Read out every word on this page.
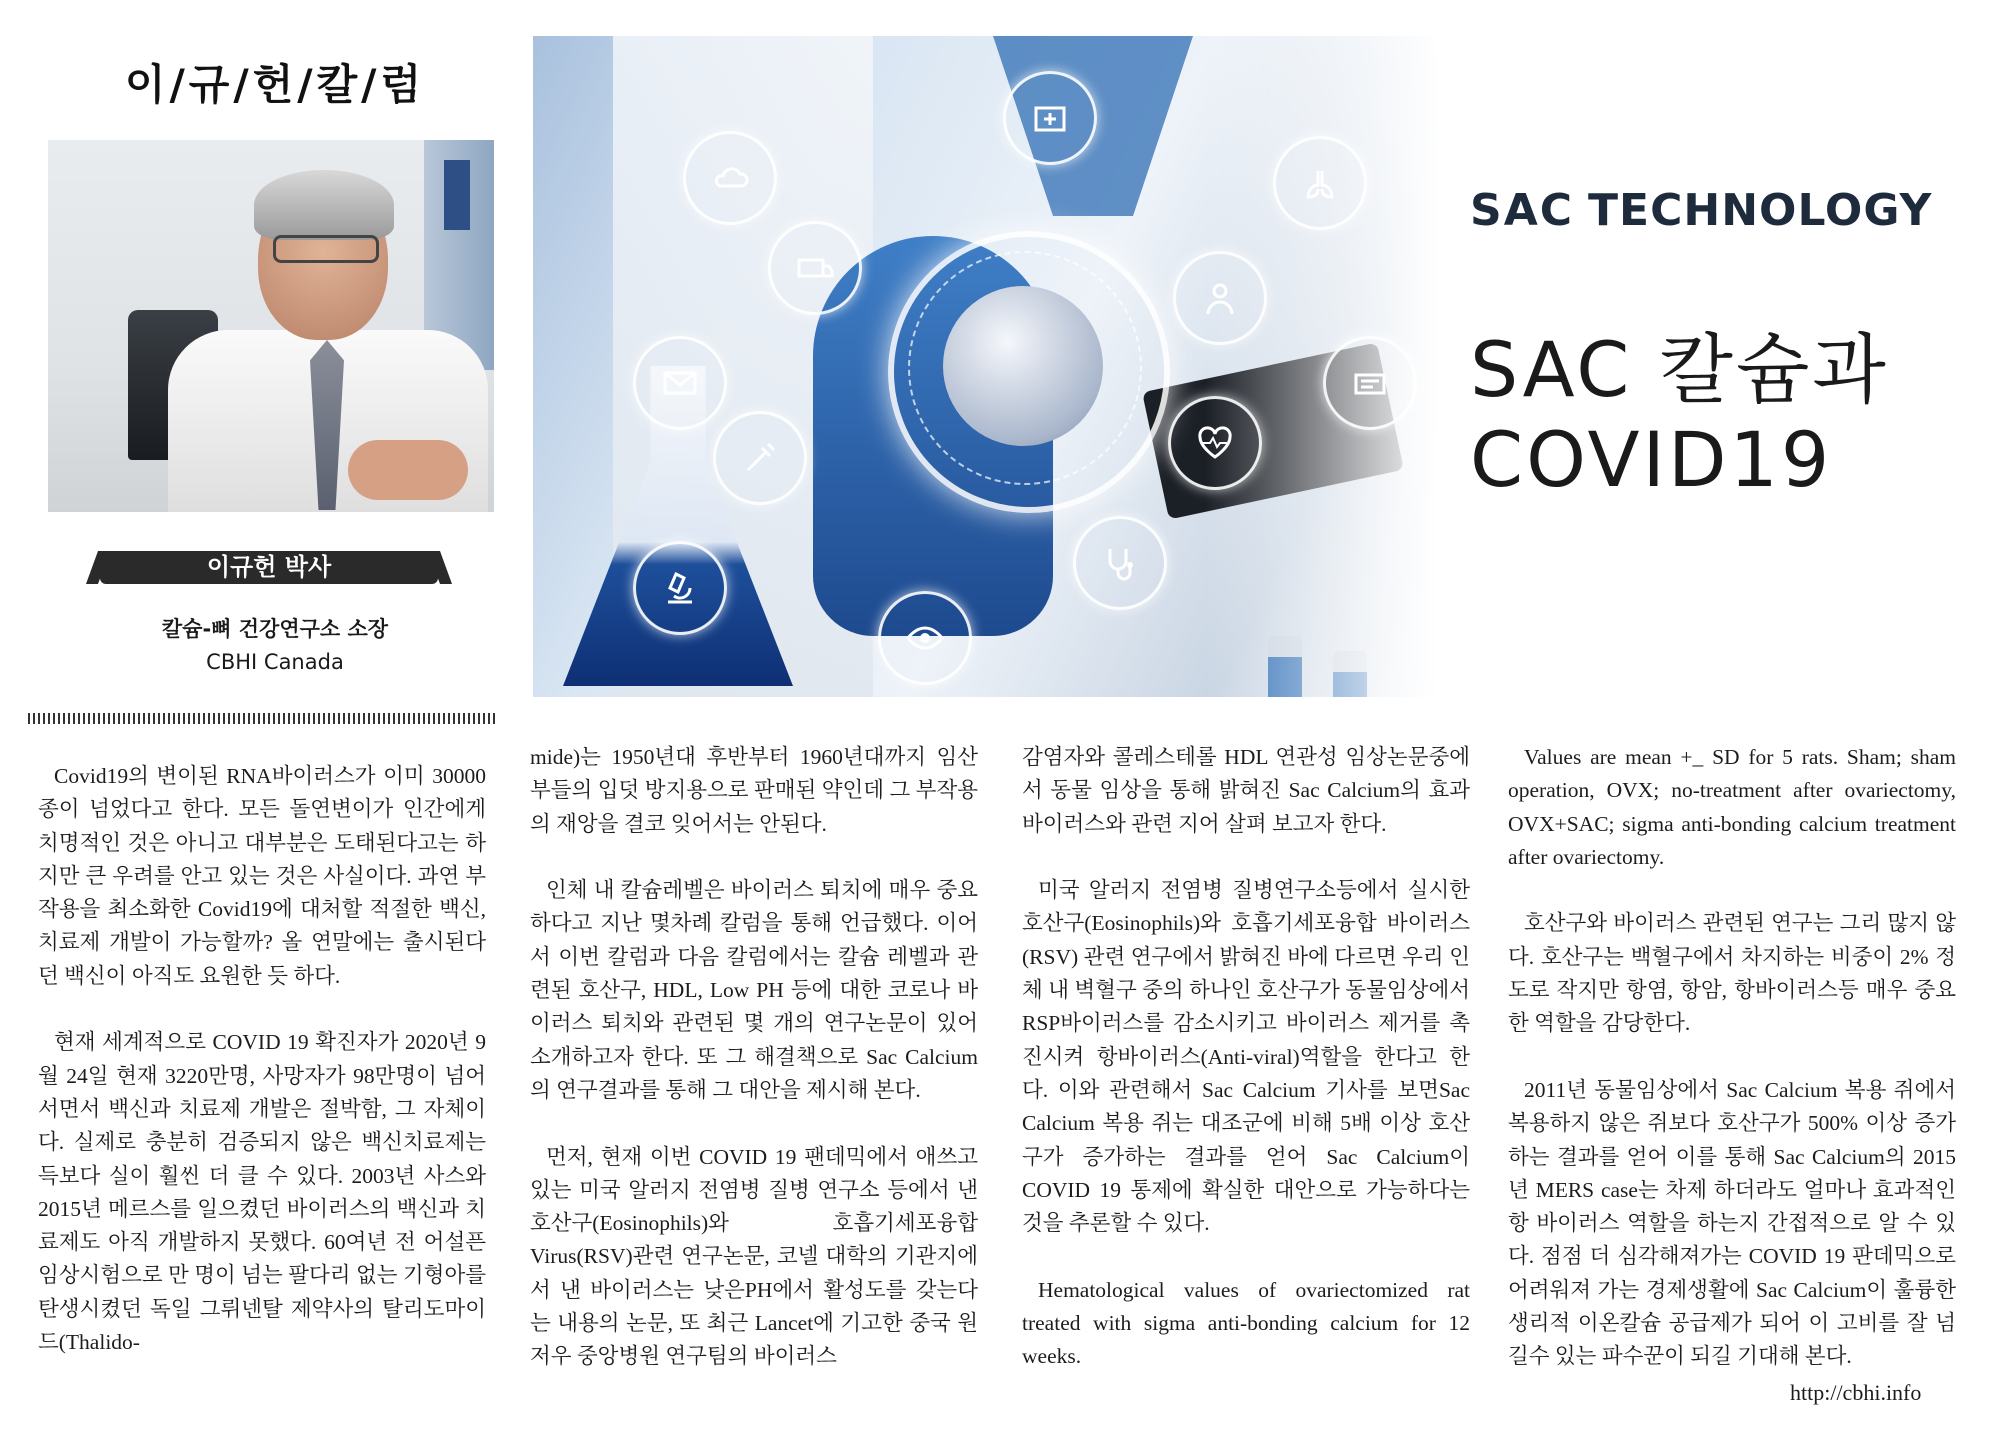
이/규/헌/칼/럼
이규헌 박사
칼슘-뼈 건강연구소 소장
CBHI Canada
SAC TECHNOLOGY
SAC 칼슘과
COVID19

Covid19의 변이된 RNA바이러스가 이미 30000종이 넘었다고 한다. 모든 돌연변이가 인간에게 치명적인 것은 아니고 대부분은 도태된다고는 하지만 큰 우려를 안고 있는 것은 사실이다. 과연 부작용을 최소화한 Covid19에 대처할 적절한 백신, 치료제 개발이 가능할까? 올 연말에는 출시된다던 백신이 아직도 요원한 듯 하다.

현재 세계적으로 COVID 19 확진자가 2020년 9월 24일 현재 3220만명, 사망자가 98만명이 넘어서면서 백신과 치료제 개발은 절박함, 그 자체이다. 실제로 충분히 검증되지 않은 백신치료제는 득보다 실이 훨씬 더 클 수 있다. 2003년 사스와 2015년 메르스를 일으켰던 바이러스의 백신과 치료제도 아직 개발하지 못했다. 60여년 전 어설픈 임상시험으로 만 명이 넘는 팔다리 없는 기형아를 탄생시켰던 독일 그뤼넨탈 제약사의 탈리도마이드(Thalido-

mide)는 1950년대 후반부터 1960년대까지 임산부들의 입덧 방지용으로 판매된 약인데 그 부작용의 재앙을 결코 잊어서는 안된다.

인체 내 칼슘레벨은 바이러스 퇴치에 매우 중요하다고 지난 몇차례 칼럼을 통해 언급했다. 이어서 이번 칼럼과 다음 칼럼에서는 칼슘 레벨과 관련된 호산구, HDL, Low PH 등에 대한 코로나 바이러스 퇴치와 관련된 몇 개의 연구논문이 있어 소개하고자 한다. 또 그 해결책으로 Sac Calcium의 연구결과를 통해 그 대안을 제시해 본다.

먼저, 현재 이번 COVID 19 팬데믹에서 애쓰고 있는 미국 알러지 전염병 질병 연구소 등에서 낸 호산구(Eosinophils)와 호흡기세포융합 Virus(RSV)관련 연구논문, 코넬 대학의 기관지에서 낸 바이러스는 낮은PH에서 활성도를 갖는다는 내용의 논문, 또 최근 Lancet에 기고한 중국 원저우 중앙병원 연구팀의 바이러스

감염자와 콜레스테롤 HDL 연관성 임상논문중에서 동물 임상을 통해 밝혀진 Sac Calcium의 효과 바이러스와 관련 지어 살펴 보고자 한다.

미국 알러지 전염병 질병연구소등에서 실시한 호산구(Eosinophils)와 호흡기세포융합 바이러스(RSV) 관련 연구에서 밝혀진 바에 다르면 우리 인체 내 벽혈구 중의 하나인 호산구가 동물임상에서 RSP바이러스를 감소시키고 바이러스 제거를 촉진시켜 항바이러스(Anti-viral)역할을 한다고 한다. 이와 관련해서 Sac Calcium 기사를 보면Sac Calcium 복용 쥐는 대조군에 비해 5배 이상 호산구가 증가하는 결과를 얻어 Sac Calcium이 COVID 19 통제에 확실한 대안으로 가능하다는 것을 추론할 수 있다.

Hematological values of ovariectomized rat treated with sigma anti-bonding calcium for 12 weeks.

Values are mean +_ SD for 5 rats. Sham; sham operation, OVX; no-treatment after ovariectomy, OVX+SAC; sigma anti-bonding calcium treatment after ovariectomy.

호산구와 바이러스 관련된 연구는 그리 많지 않다. 호산구는 백혈구에서 차지하는 비중이 2% 정도로 작지만 항염, 항암, 항바이러스등 매우 중요한 역할을 감당한다.

2011년 동물임상에서 Sac Calcium 복용 쥐에서 복용하지 않은 쥐보다 호산구가 500% 이상 증가하는 결과를 얻어 이를 통해 Sac Calcium의 2015년 MERS case는 차제 하더라도 얼마나 효과적인 항 바이러스 역할을 하는지 간접적으로 알 수 있다. 점점 더 심각해져가는 COVID 19 판데믹으로 어려워져 가는 경제생활에 Sac Calcium이 훌륭한 생리적 이온칼슘 공급제가 되어 이 고비를 잘 넘길수 있는 파수꾼이 되길 기대해 본다.

http://cbhi.info
